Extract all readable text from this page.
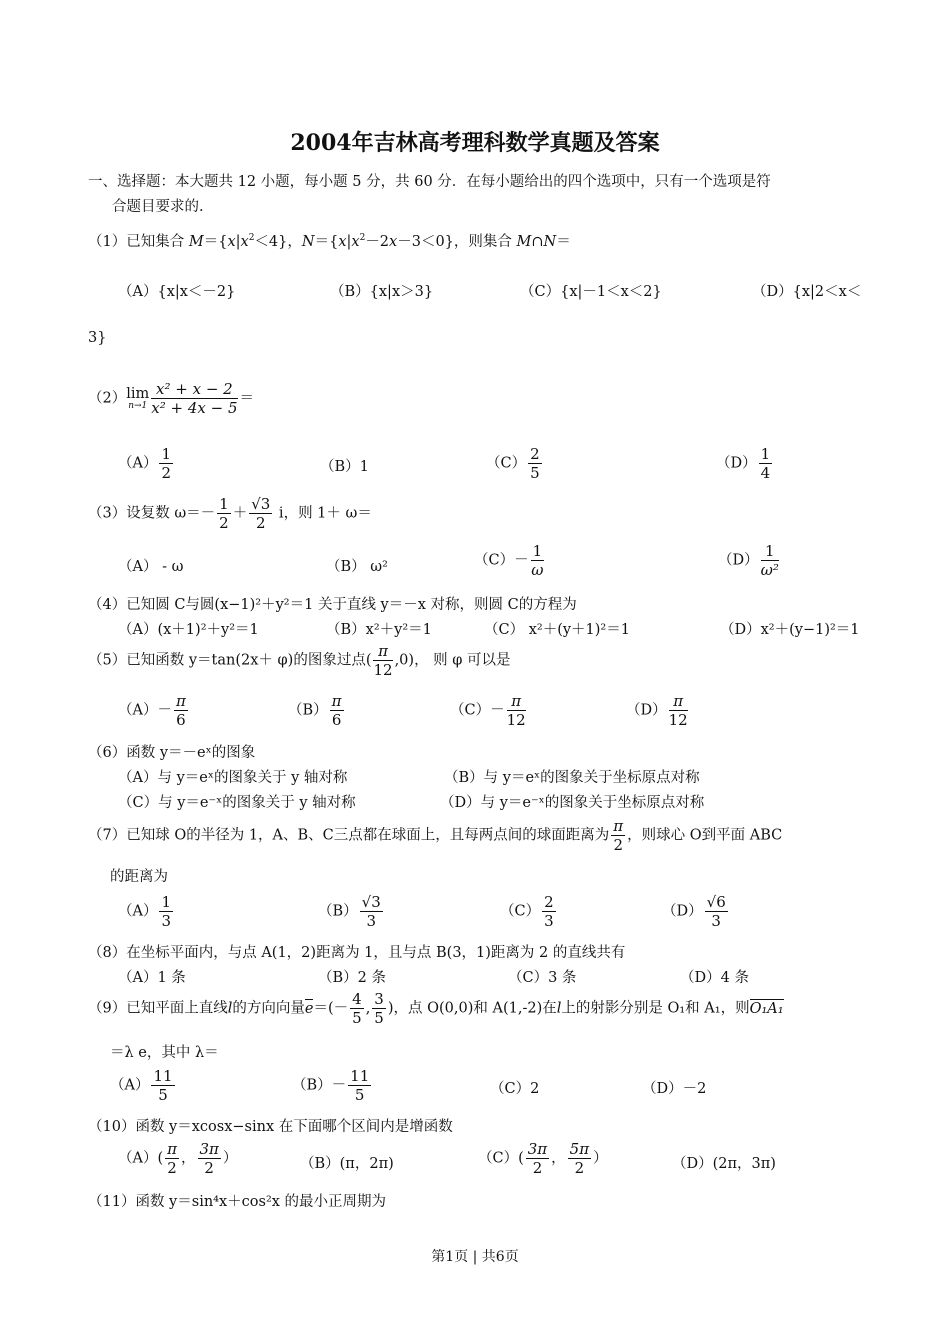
2004年吉林高考理科数学真题及答案
一、选择题：本大题共 12 小题，每小题 5 分，共 60 分．在每小题给出的四个选项中，只有一个选项是符
合题目要求的.
（1）已知集合 $M=\{x|x^2<4\}$，$N=\{x|x^2-2x-3<0\}$，则集合 M∩N＝
（A）{x|x＜－2}	（B）{x|x＞3}	（C）{x|－1＜x＜2}	（D）{x|2＜x＜
3}
（2）lim
$n\to 1 \frac{\text{x² + x − 2}}{\text{x² + 4x − 5}}$ ＝
$(A) \frac{1}{2}$	（B）1	$(C) \frac{2}{5}$	$(D) \frac{1}{4}$
（3）设复数 $\omega=- \frac{1}{2} + \frac{√3}{2}$ i，则 1＋ ω＝
（A） - ω	（B） ω²	$(C)- \frac{1}{\omega}$	$(D) \frac{1}{\text{ω²}}$
（4）已知圆 C与圆(x−1)²＋y²＝1 关于直线 y＝－x 对称，则圆 C的方程为
（A）(x＋1)²＋y²＝1	（B）x²＋y²＝1	（C） x²＋(y＋1)²＝1	（D）x²＋(y−1)²＝1
（5）已知函数 y＝tan(2x＋ φ)的图象过点( $\frac{\pi}{12} ,0$)， 则 φ 可以是
$(A)- \frac{\pi}{6}$	$(B) \frac{\pi}{6}$	$(C)- \frac{\pi}{12}$	$(D) \frac{\pi}{12}$
（6）函数 y＝－eˣ的图象
（A）与 y＝eˣ的图象关于 y 轴对称	（B）与 y＝eˣ的图象关于坐标原点对称
（C）与 y＝e⁻ˣ的图象关于 y 轴对称	（D）与 y＝e⁻ˣ的图象关于坐标原点对称
（7）已知球 O的半径为 1，A、B、C三点都在球面上，且每两点间的球面距离为 $\frac{\pi}{2}$ ，则球心 O到平面 ABC
的距离为
$(A) \frac{1}{3}$	$(B) \frac{√3}{3}$	$(C) \frac{2}{3}$	$(D) \frac{√6}{3}$
（8）在坐标平面内，与点 A(1，2)距离为 1，且与点 B(3，1)距离为 2 的直线共有
（A）1 条	（B）2 条	（C）3 条	（D）4 条
（9）已知平面上直线l的方向向量$e=(- \frac{4}{5}$ , $\frac{3}{5}$ )，点 O(0,0)和 A(1,-2)在l上的射影分别是 O₁和 A₁，则O₁A₁
＝λ e，其中 λ＝
$(A) \frac{11}{5}$	$(B)- \frac{11}{5}$	（C）2	（D）－2
（10）函数 y＝xcosx−sinx 在下面哪个区间内是增函数
$(A)( \frac{\pi}{2}$ ， $\frac{3\pi}{2}$ ）	（B）(π，2π)	$(C)( \frac{3\pi}{2}$ ， $\frac{5\pi}{2}$ ）	（D）(2π，3π)
（11）函数 y＝sin⁴x＋cos²x 的最小正周期为
第1页 | 共6页
